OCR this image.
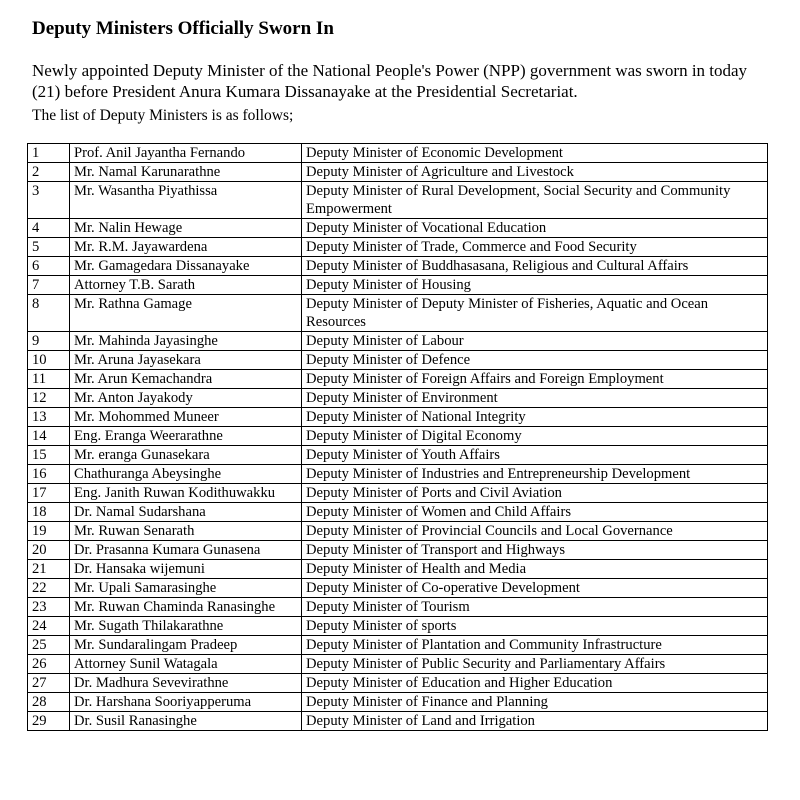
Deputy Ministers Officially Sworn In
Newly appointed Deputy Minister of the National People's Power (NPP) government was sworn in today (21) before President Anura Kumara Dissanayake at the Presidential Secretariat.
The list of Deputy Ministers is as follows;
1	Prof. Anil Jayantha Fernando	Deputy Minister of Economic Development
2	Mr. Namal Karunarathne	Deputy Minister of Agriculture and Livestock
3	Mr. Wasantha Piyathissa	Deputy Minister of Rural Development, Social Security and Community Empowerment
4	Mr. Nalin Hewage	Deputy Minister of Vocational Education
5	Mr. R.M. Jayawardena	Deputy Minister of Trade, Commerce and Food Security
6	Mr. Gamagedara Dissanayake	Deputy Minister of Buddhasasana, Religious and Cultural Affairs
7	Attorney T.B. Sarath	Deputy Minister of Housing
8	Mr. Rathna Gamage	Deputy Minister of Deputy Minister of Fisheries, Aquatic and Ocean Resources
9	Mr. Mahinda Jayasinghe	Deputy Minister of Labour
10	Mr. Aruna Jayasekara	Deputy Minister of Defence
11	Mr. Arun Kemachandra	Deputy Minister of Foreign Affairs and Foreign Employment
12	Mr. Anton Jayakody	Deputy Minister of Environment
13	Mr. Mohommed Muneer	Deputy Minister of National Integrity
14	Eng. Eranga Weerarathne	Deputy Minister of Digital Economy
15	Mr. eranga Gunasekara	Deputy Minister of Youth Affairs
16	Chathuranga Abeysinghe	Deputy Minister of Industries and Entrepreneurship Development
17	Eng. Janith Ruwan Kodithuwakku	Deputy Minister of Ports and Civil Aviation
18	Dr. Namal Sudarshana	Deputy Minister of Women and Child Affairs
19	Mr. Ruwan Senarath	Deputy Minister of Provincial Councils and Local Governance
20	Dr. Prasanna Kumara Gunasena	Deputy Minister of Transport and Highways
21	Dr. Hansaka wijemuni	Deputy Minister of Health and Media
22	Mr. Upali Samarasinghe	Deputy Minister of Co-operative Development
23	Mr. Ruwan Chaminda Ranasinghe	Deputy Minister of Tourism
24	Mr. Sugath Thilakarathne	Deputy Minister of sports
25	Mr. Sundaralingam Pradeep	Deputy Minister of Plantation and Community Infrastructure
26	Attorney Sunil Watagala	Deputy Minister of Public Security and Parliamentary Affairs
27	Dr. Madhura Sevevirathne	Deputy Minister of Education and Higher Education
28	Dr. Harshana Sooriyapperuma	Deputy Minister of Finance and Planning
29	Dr. Susil Ranasinghe	Deputy Minister of Land and Irrigation
